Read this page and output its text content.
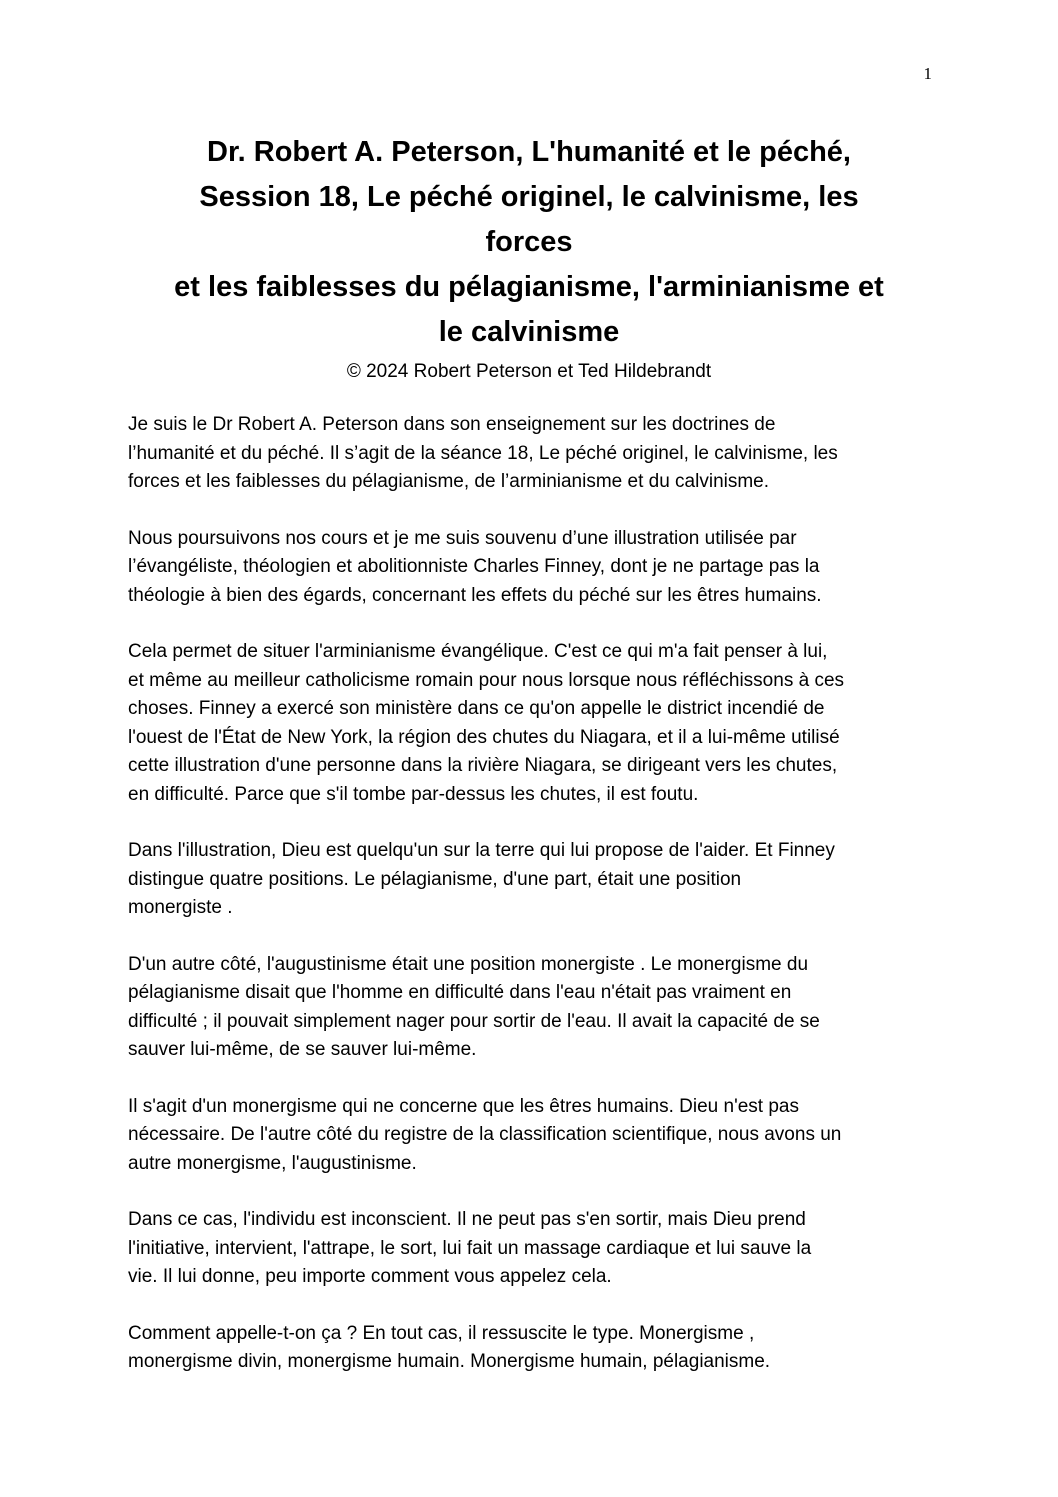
1
Dr. Robert A. Peterson, L'humanité et le péché,
Session 18, Le péché originel, le calvinisme, les
forces
et les faiblesses du pélagianisme, l'arminianisme et
le calvinisme
© 2024 Robert Peterson et Ted Hildebrandt
Je suis le Dr Robert A. Peterson dans son enseignement sur les doctrines de
l’humanité et du péché. Il s’agit de la séance 18, Le péché originel, le calvinisme, les
forces et les faiblesses du pélagianisme, de l’arminianisme et du calvinisme.
Nous poursuivons nos cours et je me suis souvenu d’une illustration utilisée par
l’évangéliste, théologien et abolitionniste Charles Finney, dont je ne partage pas la
théologie à bien des égards, concernant les effets du péché sur les êtres humains.
Cela permet de situer l'arminianisme évangélique. C'est ce qui m'a fait penser à lui,
et même au meilleur catholicisme romain pour nous lorsque nous réfléchissons à ces
choses. Finney a exercé son ministère dans ce qu'on appelle le district incendié de
l'ouest de l'État de New York, la région des chutes du Niagara, et il a lui-même utilisé
cette illustration d'une personne dans la rivière Niagara, se dirigeant vers les chutes,
en difficulté. Parce que s'il tombe par-dessus les chutes, il est foutu.
Dans l'illustration, Dieu est quelqu'un sur la terre qui lui propose de l'aider. Et Finney
distingue quatre positions. Le pélagianisme, d'une part, était une position
monergiste .
D'un autre côté, l'augustinisme était une position monergiste . Le monergisme du
pélagianisme disait que l'homme en difficulté dans l'eau n'était pas vraiment en
difficulté ; il pouvait simplement nager pour sortir de l'eau. Il avait la capacité de se
sauver lui-même, de se sauver lui-même.
Il s'agit d'un monergisme qui ne concerne que les êtres humains. Dieu n'est pas
nécessaire. De l'autre côté du registre de la classification scientifique, nous avons un
autre monergisme, l'augustinisme.
Dans ce cas, l'individu est inconscient. Il ne peut pas s'en sortir, mais Dieu prend
l'initiative, intervient, l'attrape, le sort, lui fait un massage cardiaque et lui sauve la
vie. Il lui donne, peu importe comment vous appelez cela.
Comment appelle-t-on ça ? En tout cas, il ressuscite le type. Monergisme ,
monergisme divin, monergisme humain. Monergisme humain, pélagianisme.
